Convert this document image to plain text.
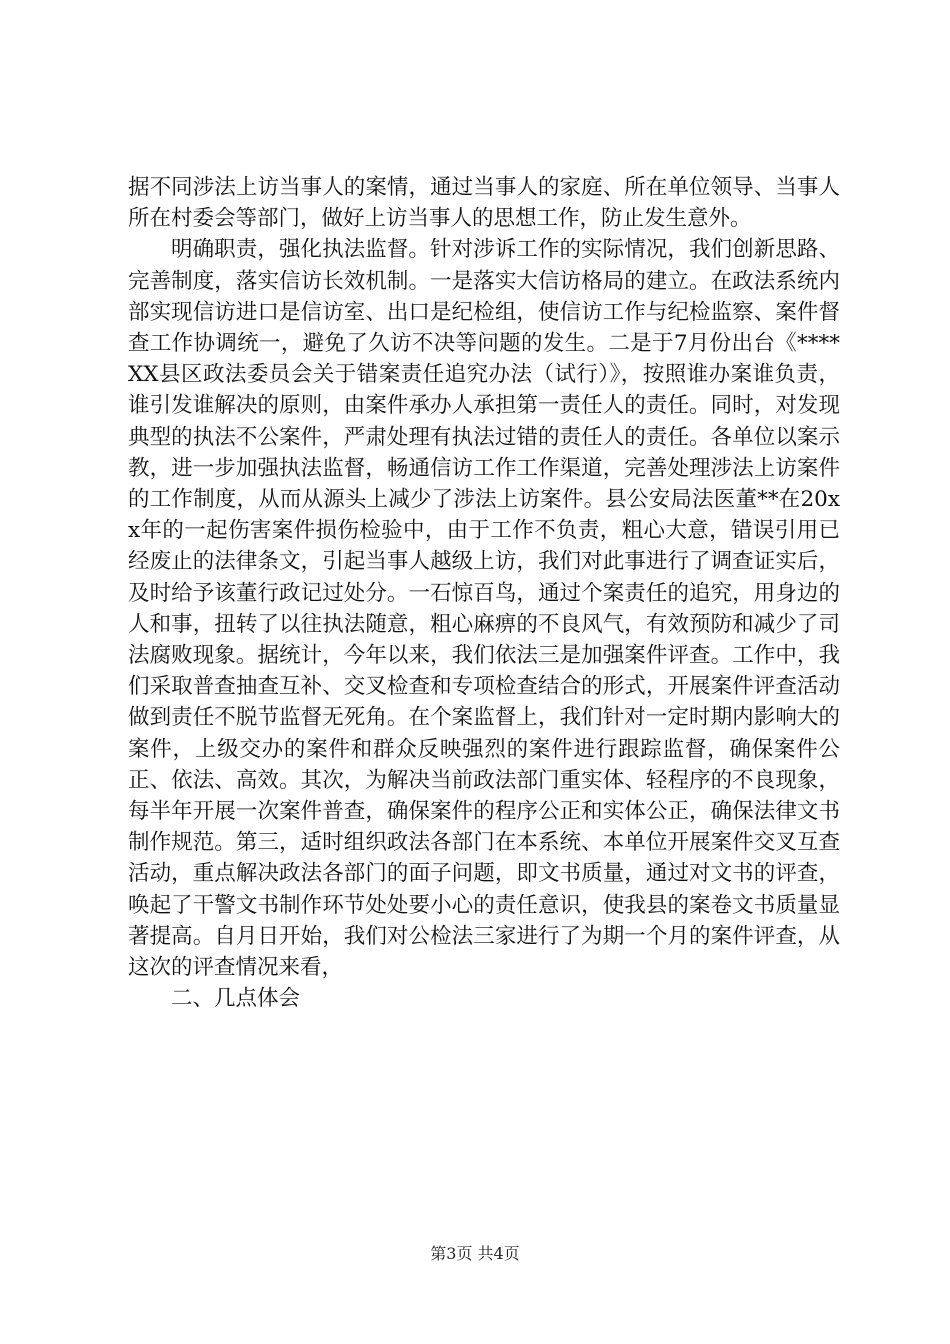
据不同涉法上访当事人的案情，通过当事人的家庭、所在单位领导、当事人所在村委会等部门，做好上访当事人的思想工作，防止发生意外。

明确职责，强化执法监督。针对涉诉工作的实际情况，我们创新思路、完善制度，落实信访长效机制。一是落实大信访格局的建立。在政法系统内部实现信访进口是信访室、出口是纪检组，使信访工作与纪检监察、案件督查工作协调统一，避免了久访不决等问题的发生。二是于7月份出台《****XX县区政法委员会关于错案责任追究办法（试行）》，按照谁办案谁负责，谁引发谁解决的原则，由案件承办人承担第一责任人的责任。同时，对发现典型的执法不公案件，严肃处理有执法过错的责任人的责任。各单位以案示教，进一步加强执法监督，畅通信访工作工作渠道，完善处理涉法上访案件的工作制度，从而从源头上减少了涉法上访案件。县公安局法医董**在20xx年的一起伤害案件损伤检验中，由于工作不负责，粗心大意，错误引用已经废止的法律条文，引起当事人越级上访，我们对此事进行了调查证实后，及时给予该董行政记过处分。一石惊百鸟，通过个案责任的追究，用身边的人和事，扭转了以往执法随意，粗心麻痹的不良风气，有效预防和减少了司法腐败现象。据统计，今年以来，我们依法三是加强案件评查。工作中，我们采取普查抽查互补、交叉检查和专项检查结合的形式，开展案件评查活动做到责任不脱节监督无死角。在个案监督上，我们针对一定时期内影响大的案件，上级交办的案件和群众反映强烈的案件进行跟踪监督，确保案件公正、依法、高效。其次，为解决当前政法部门重实体、轻程序的不良现象，每半年开展一次案件普查，确保案件的程序公正和实体公正，确保法律文书制作规范。第三，适时组织政法各部门在本系统、本单位开展案件交叉互查活动，重点解决政法各部门的面子问题，即文书质量，通过对文书的评查，唤起了干警文书制作环节处处要小心的责任意识，使我县的案卷文书质量显著提高。自月日开始，我们对公检法三家进行了为期一个月的案件评查，从这次的评查情况来看，

二、几点体会

第3页 共4页
